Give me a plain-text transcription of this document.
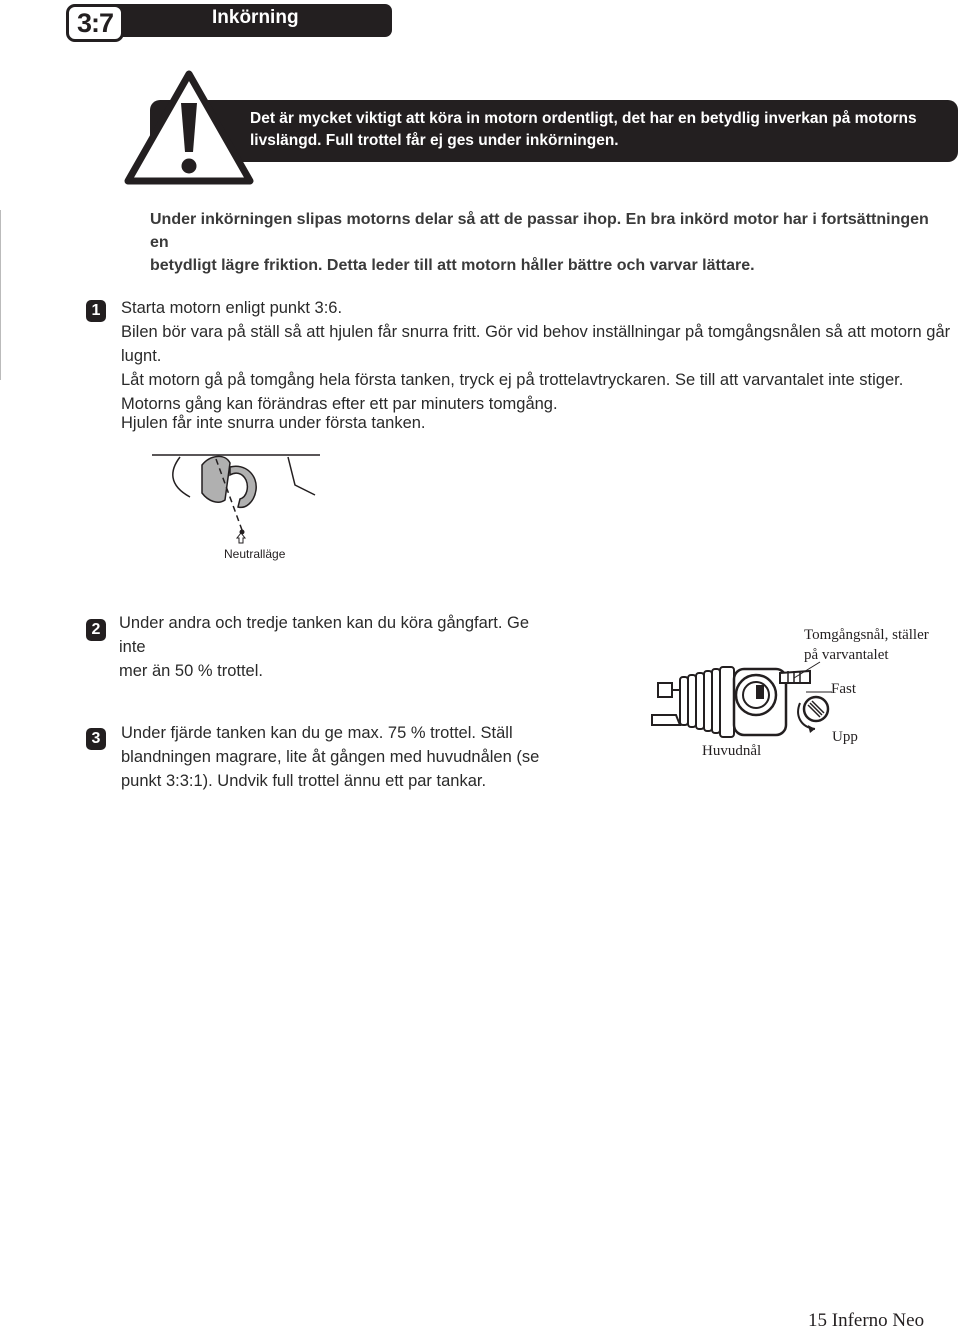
3:7	Inkörning
Det är mycket viktigt att köra in motorn ordentligt, det har en betydlig inverkan på motorns livslängd. Full trottel får ej ges under inkörningen.
Under inkörningen slipas motorns delar så att de passar ihop. En bra inkörd motor har i fortsättningen en
betydligt lägre friktion. Detta leder till att motorn håller bättre och varvar lättare.
1 Starta motorn enligt punkt 3:6.
Bilen bör vara på ställ så att hjulen får snurra fritt. Gör vid behov inställningar på tomgångsnålen så att motorn går lugnt.
Låt motorn gå på tomgång hela första tanken, tryck ej på trottelavtryckaren. Se till att varvantalet inte stiger.
Motorns gång kan förändras efter ett par minuters tomgång.
Hjulen får inte snurra under första tanken.
Neutralläge
2 Under andra och tredje tanken kan du köra gångfart. Ge inte
mer än 50 % trottel.
3 Under fjärde tanken kan du ge max. 75 % trottel. Ställ
blandningen magrare, lite åt gången med huvudnålen (se
punkt 3:3:1). Undvik full trottel ännu ett par tankar.
Tomgångsnål, ställer
på varvantalet
Fast
Upp
Huvudnål
15 Inferno Neo
